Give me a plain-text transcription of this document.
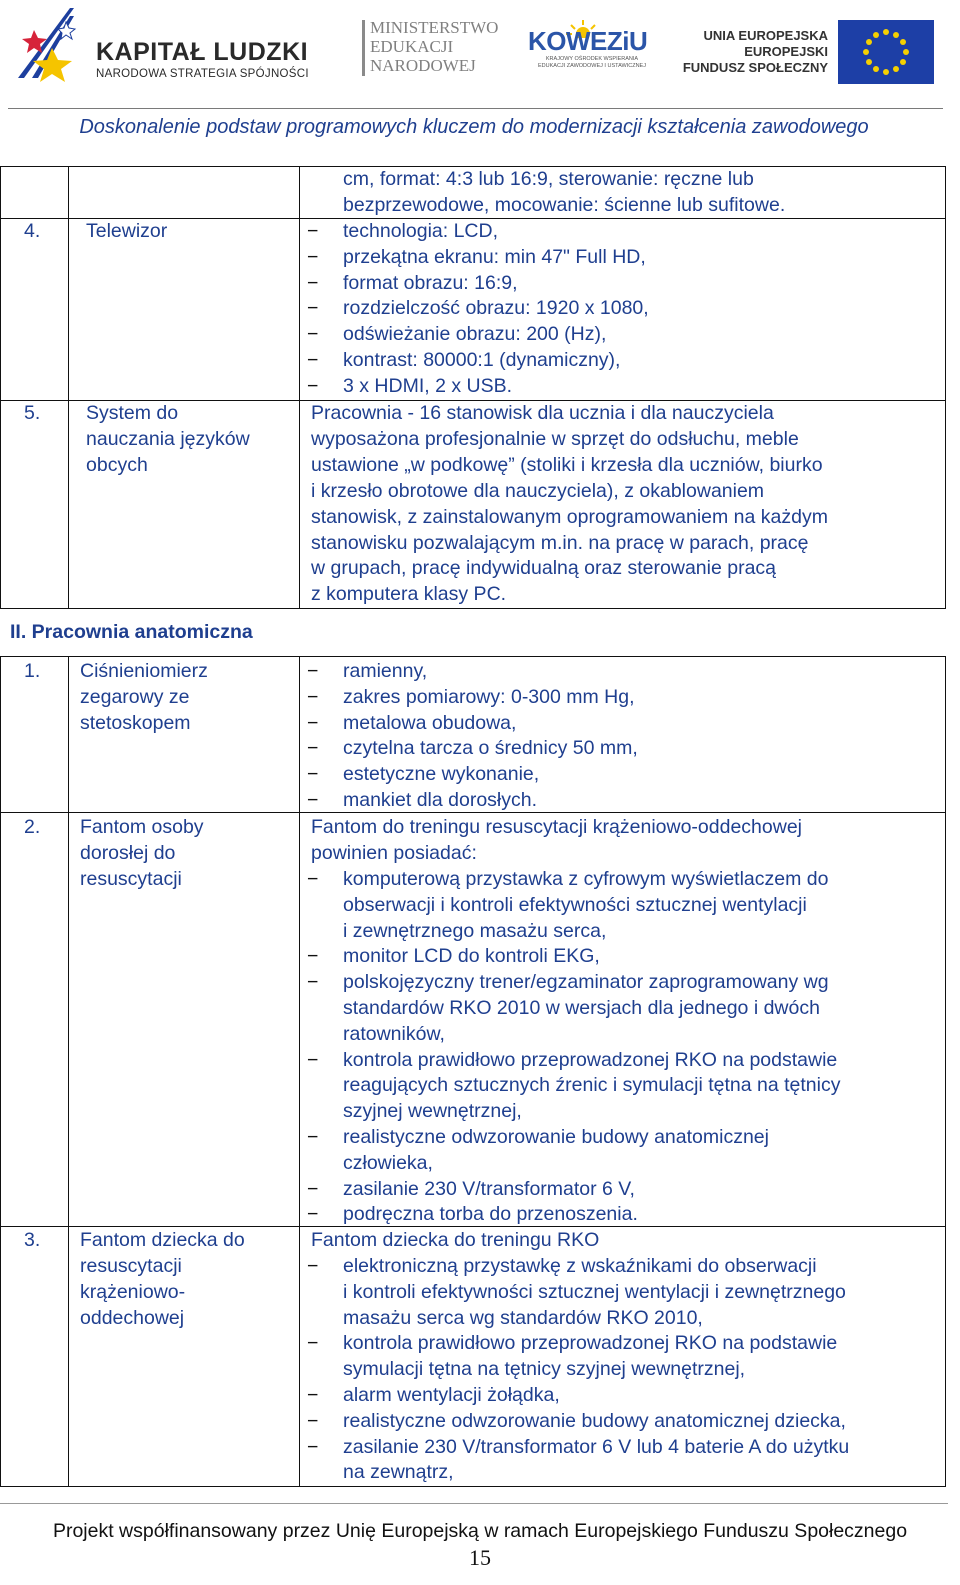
KAPITAŁ LUDZKI
NARODOWA STRATEGIA SPÓJNOŚCI
MINISTERSTWO
EDUKACJI
NARODOWEJ
KOWEZiU
KRAJOWY OŚRODEK WSPIERANIA EDUKACJI ZAWODOWEJ I USTAWICZNEJ
UNIA EUROPEJSKA
EUROPEJSKI
FUNDUSZ SPOŁECZNY
Doskonalenie podstaw programowych kluczem do modernizacji kształcenia zawodowego
cm, format: 4:3 lub 16:9, sterowanie: ręczne lub
bezprzewodowe, mocowanie: ścienne lub sufitowe.
4. Telewizor
−	technologia: LCD,
− przekątna ekranu: min 47" Full HD,
− format obrazu: 16:9,
− rozdzielczość obrazu: 1920 x 1080,
− odświeżanie obrazu: 200 (Hz),
− kontrast: 80000:1 (dynamiczny),
− 3 x HDMI, 2 x USB.
5. System do
nauczania języków
obcych
Pracownia - 16 stanowisk dla ucznia i dla nauczyciela
wyposażona profesjonalnie w sprzęt do odsłuchu, meble
ustawione „w podkowę” (stoliki i krzesła dla uczniów, biurko
i krzesło obrotowe dla nauczyciela), z okablowaniem
stanowisk, z zainstalowanym oprogramowaniem na każdym
stanowisku pozwalającym m.in. na pracę w parach, pracę
w grupach, pracę indywidualną oraz sterowanie pracą
z komputera klasy PC.
II. Pracownia anatomiczna
1. Ciśnieniomierz
zegarowy ze
stetoskopem
− ramienny,
− zakres pomiarowy: 0-300 mm Hg,
− metalowa obudowa,
− czytelna tarcza o średnicy 50 mm,
− estetyczne wykonanie,
− mankiet dla dorosłych.
2. Fantom osoby
dorosłej do
resuscytacji
Fantom do treningu resuscytacji krążeniowo-oddechowej
powinien posiadać:
− komputerową przystawka z cyfrowym wyświetlaczem do
obserwacji i kontroli efektywności sztucznej wentylacji
i zewnętrznego masażu serca,
− monitor LCD do kontroli EKG,
− polskojęzyczny trener/egzaminator zaprogramowany wg
standardów RKO 2010 w wersjach dla jednego i dwóch
ratowników,
− kontrola prawidłowo przeprowadzonej RKO na podstawie
reagujących sztucznych źrenic i symulacji tętna na tętnicy
szyjnej wewnętrznej,
− realistyczne odwzorowanie budowy anatomicznej
człowieka,
− zasilanie 230 V/transformator 6 V,
− podręczna torba do przenoszenia.
3. Fantom dziecka do
resuscytacji
krążeniowo-
oddechowej
Fantom dziecka do treningu RKO
− elektroniczną przystawkę z wskaźnikami do obserwacji
i kontroli efektywności sztucznej wentylacji i zewnętrznego
masażu serca wg standardów RKO 2010,
− kontrola prawidłowo przeprowadzonej RKO na podstawie
symulacji tętna na tętnicy szyjnej wewnętrznej,
− alarm wentylacji żołądka,
− realistyczne odwzorowanie budowy anatomicznej dziecka,
− zasilanie 230 V/transformator 6 V lub 4 baterie A do użytku
na zewnątrz,
Projekt współfinansowany przez Unię Europejską w ramach Europejskiego Funduszu Społecznego
15
